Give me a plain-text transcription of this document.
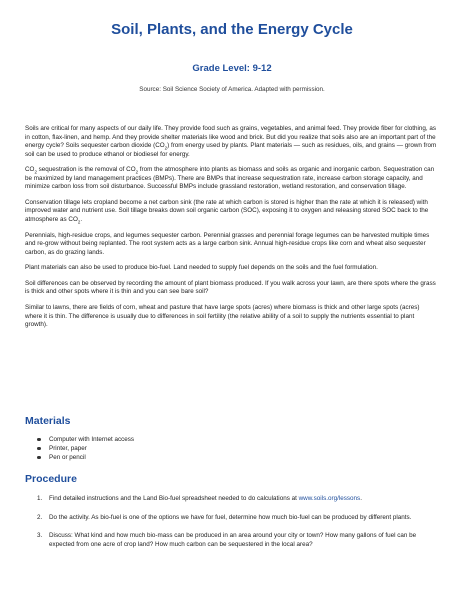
Soil, Plants, and the Energy Cycle
Grade Level: 9-12
Source: Soil Science Society of America. Adapted with permission.

Soils are critical for many aspects of our daily life. They provide food such as grains, vegetables, and animal feed. They provide fiber for clothing, as in cotton, flax-linen, and hemp. And they provide shelter materials like wood and brick. But did you realize that soils also are an important part of the energy cycle? Soils sequester carbon dioxide $(CO_2)$ from energy used by plants. Plant materials — such as residues, oils, and grains — grown from soil can be used to produce ethanol or biodiesel for energy.

$CO_2$ sequestration is the removal of $CO_2$ from the atmosphere into plants as biomass and soils as organic and inorganic carbon. Sequestration can be maximized by land management practices (BMPs). There are BMPs that increase sequestration rate, increase carbon storage capacity, and minimize carbon loss from soil disturbance. Successful BMPs include grassland restoration, wetland restoration, and conservation tillage.

Conservation tillage lets cropland become a net carbon sink (the rate at which carbon is stored is higher than the rate at which it is released) with improved water and nutrient use. Soil tillage breaks down soil organic carbon (SOC), exposing it to oxygen and releasing stored SOC back to the atmosphere as $CO_2$.

Perennials, high-residue crops, and legumes sequester carbon. Perennial grasses and perennial forage legumes can be harvested multiple times and re-grow without being replanted. The root system acts as a large carbon sink. Annual high-residue crops like corn and wheat also sequester carbon, as do grazing lands.

Plant materials can also be used to produce bio-fuel. Land needed to supply fuel depends on the soils and the fuel formulation.

Soil differences can be observed by recording the amount of plant biomass produced. If you walk across your lawn, are there spots where the grass is thick and other spots where it is thin and you can see bare soil?

Similar to lawns, there are fields of corn, wheat and pasture that have large spots (acres) where biomass is thick and other large spots (acres) where it is thin. The difference is usually due to differences in soil fertility (the relative ability of a soil to supply the nutrients essential to plant growth).

Materials
Computer with Internet access
Printer, paper
Pen or pencil
Procedure
1. Find detailed instructions and the Land Bio-fuel spreadsheet needed to do calculations at www.soils.org/lessons.
2. Do the activity. As bio-fuel is one of the options we have for fuel, determine how much bio-fuel can be produced by different plants.
3. Discuss: What kind and how much bio-mass can be produced in an area around your city or town? How many gallons of fuel can be expected from one acre of crop land? How much carbon can be sequestered in the local area?
